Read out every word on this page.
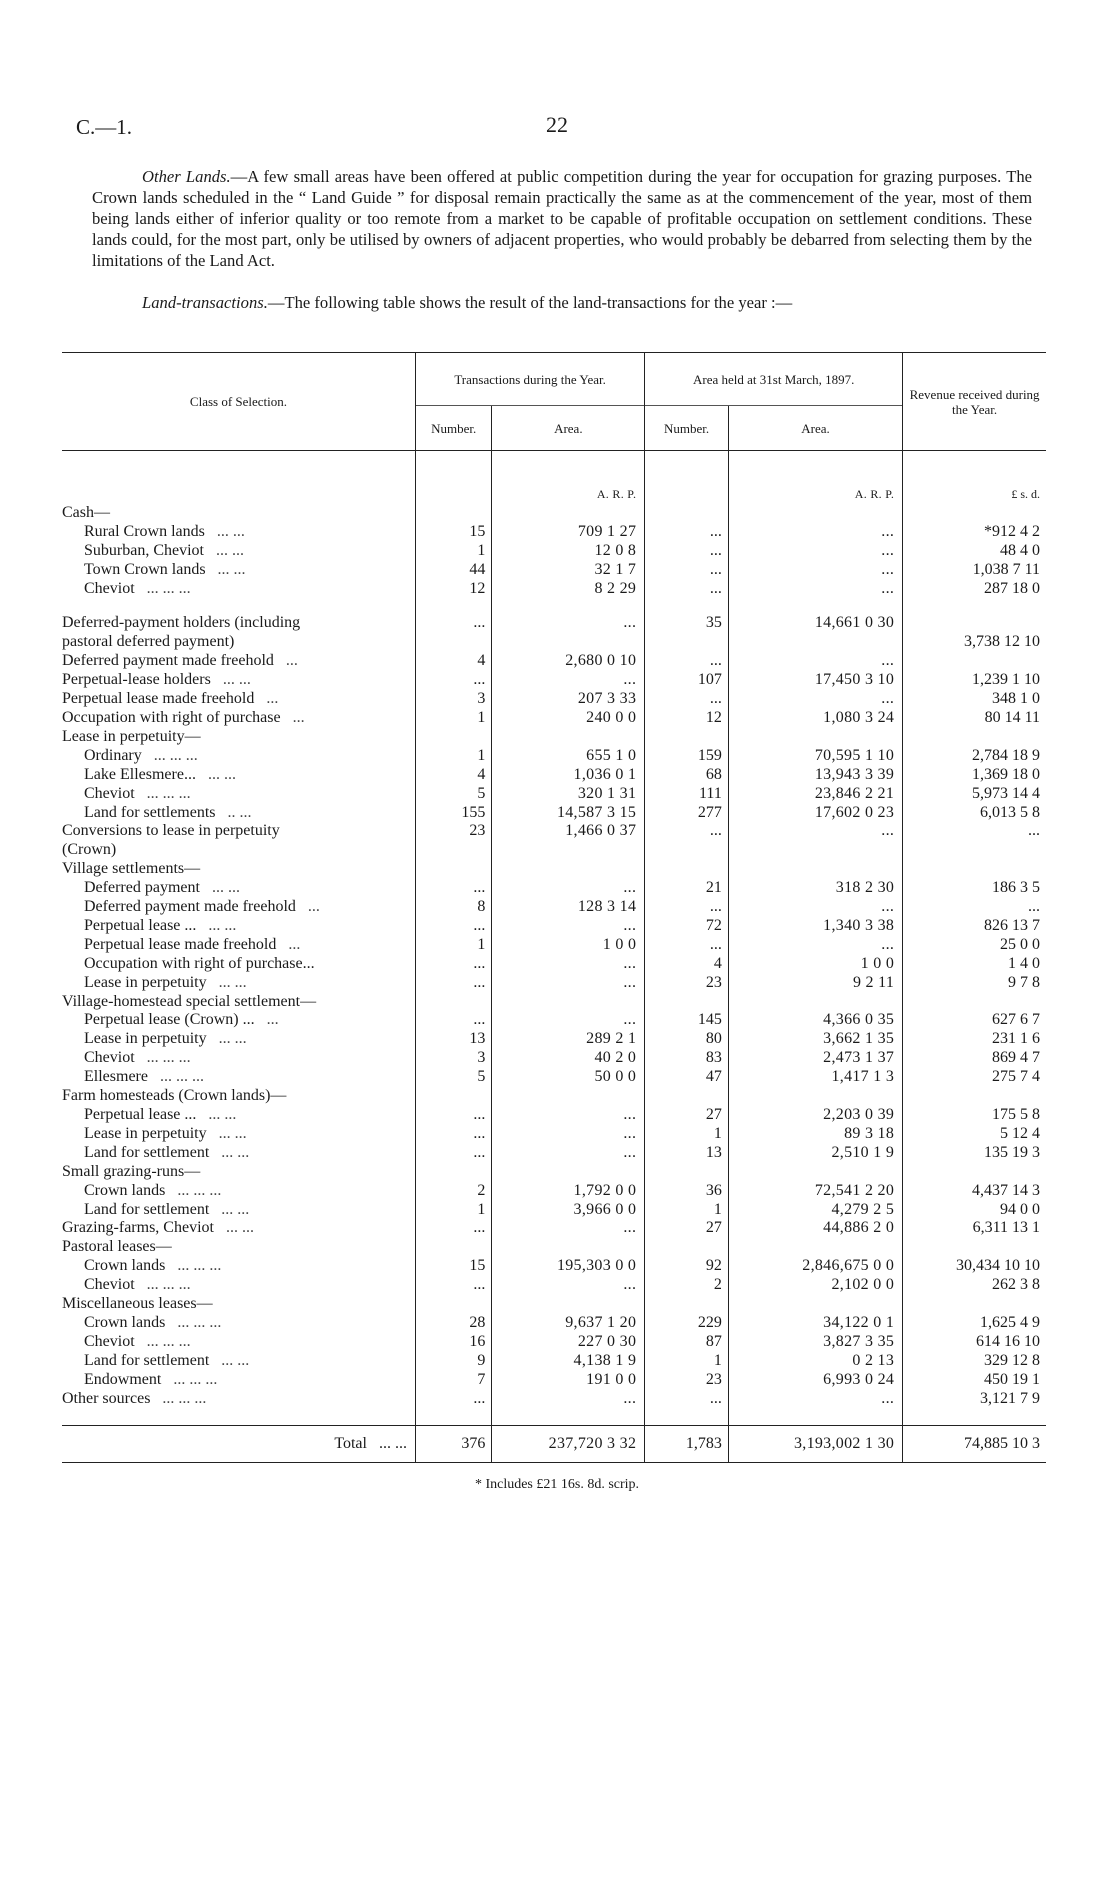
C.—1.	22

Other Lands.—A few small areas have been offered at public competition during the year for occupation for grazing purposes. The Crown lands scheduled in the “ Land Guide ” for disposal remain practically the same as at the commencement of the year, most of them being lands either of inferior quality or too remote from a market to be capable of profitable occupation on settlement conditions. These lands could, for the most part, only be utilised by owners of adjacent properties, who would probably be debarred from selecting them by the limitations of the Land Act.

Land-transactions.—The following table shows the result of the land-transactions for the year :—

Class of Selection.	Transactions during the Year.		Area held at 31st March, 1897.		Revenue received during the Year.
	Number.	Area.	Number.	Area.	

		A. R. P.		A. R. P.	£ s. d.
Cash—					
Rural Crown lands ... ...	15	709 1 27	...	...	*912 4 2
Suburban, Cheviot ... ...	1	12 0 8	...	...	48 4 0
Town Crown lands ... ...	44	32 1 7	...	...	1,038 7 11
Cheviot ... ... ...	12	8 2 29	...	...	287 18 0

Deferred-payment holders (including	...	...	35	14,661 0 30	
pastoral deferred payment)					3,738 12 10
Deferred payment made freehold ...	4	2,680 0 10	...	...	
Perpetual-lease holders ... ...	...	...	107	17,450 3 10	1,239 1 10
Perpetual lease made freehold ...	3	207 3 33	...	...	348 1 0
Occupation with right of purchase ...	1	240 0 0	12	1,080 3 24	80 14 11
Lease in perpetuity—					
Ordinary ... ... ...	1	655 1 0	159	70,595 1 10	2,784 18 9
Lake Ellesmere... ... ...	4	1,036 0 1	68	13,943 3 39	1,369 18 0
Cheviot ... ... ...	5	320 1 31	111	23,846 2 21	5,973 14 4
Land for settlements .. ...	155	14,587 3 15	277	17,602 0 23	6,013 5 8
Conversions to lease in perpetuity	23	1,466 0 37	...	...	...
(Crown)					
Village settlements—					
Deferred payment ... ...	...	...	21	318 2 30	186 3 5
Deferred payment made freehold ...	8	128 3 14	...	...	...
Perpetual lease ... ... ...	...	...	72	1,340 3 38	826 13 7
Perpetual lease made freehold ...	1	1 0 0	...	...	25 0 0
Occupation with right of purchase...	...	...	4	1 0 0	1 4 0
Lease in perpetuity ... ...	...	...	23	9 2 11	9 7 8
Village-homestead special settlement—					
Perpetual lease (Crown) ... ...	...	...	145	4,366 0 35	627 6 7
Lease in perpetuity ... ...	13	289 2 1	80	3,662 1 35	231 1 6
Cheviot ... ... ...	3	40 2 0	83	2,473 1 37	869 4 7
Ellesmere ... ... ...	5	50 0 0	47	1,417 1 3	275 7 4
Farm homesteads (Crown lands)—					
Perpetual lease ... ... ...	...	...	27	2,203 0 39	175 5 8
Lease in perpetuity ... ...	...	...	1	89 3 18	5 12 4
Land for settlement ... ...	...	...	13	2,510 1 9	135 19 3
Small grazing-runs—					
Crown lands ... ... ...	2	1,792 0 0	36	72,541 2 20	4,437 14 3
Land for settlement ... ...	1	3,966 0 0	1	4,279 2 5	94 0 0
Grazing-farms, Cheviot ... ...	...	...	27	44,886 2 0	6,311 13 1
Pastoral leases—					
Crown lands ... ... ...	15	195,303 0 0	92	2,846,675 0 0	30,434 10 10
Cheviot ... ... ...	...	...	2	2,102 0 0	262 3 8
Miscellaneous leases—					
Crown lands ... ... ...	28	9,637 1 20	229	34,122 0 1	1,625 4 9
Cheviot ... ... ...	16	227 0 30	87	3,827 3 35	614 16 10
Land for settlement ... ...	9	4,138 1 9	1	0 2 13	329 12 8
Endowment ... ... ...	7	191 0 0	23	6,993 0 24	450 19 1
Other sources ... ... ...	...	...	...	...	3,121 7 9

Total ... ...	376	237,720 3 32	1,783	3,193,002 1 30	74,885 10 3
* Includes £21 16s. 8d. scrip.
